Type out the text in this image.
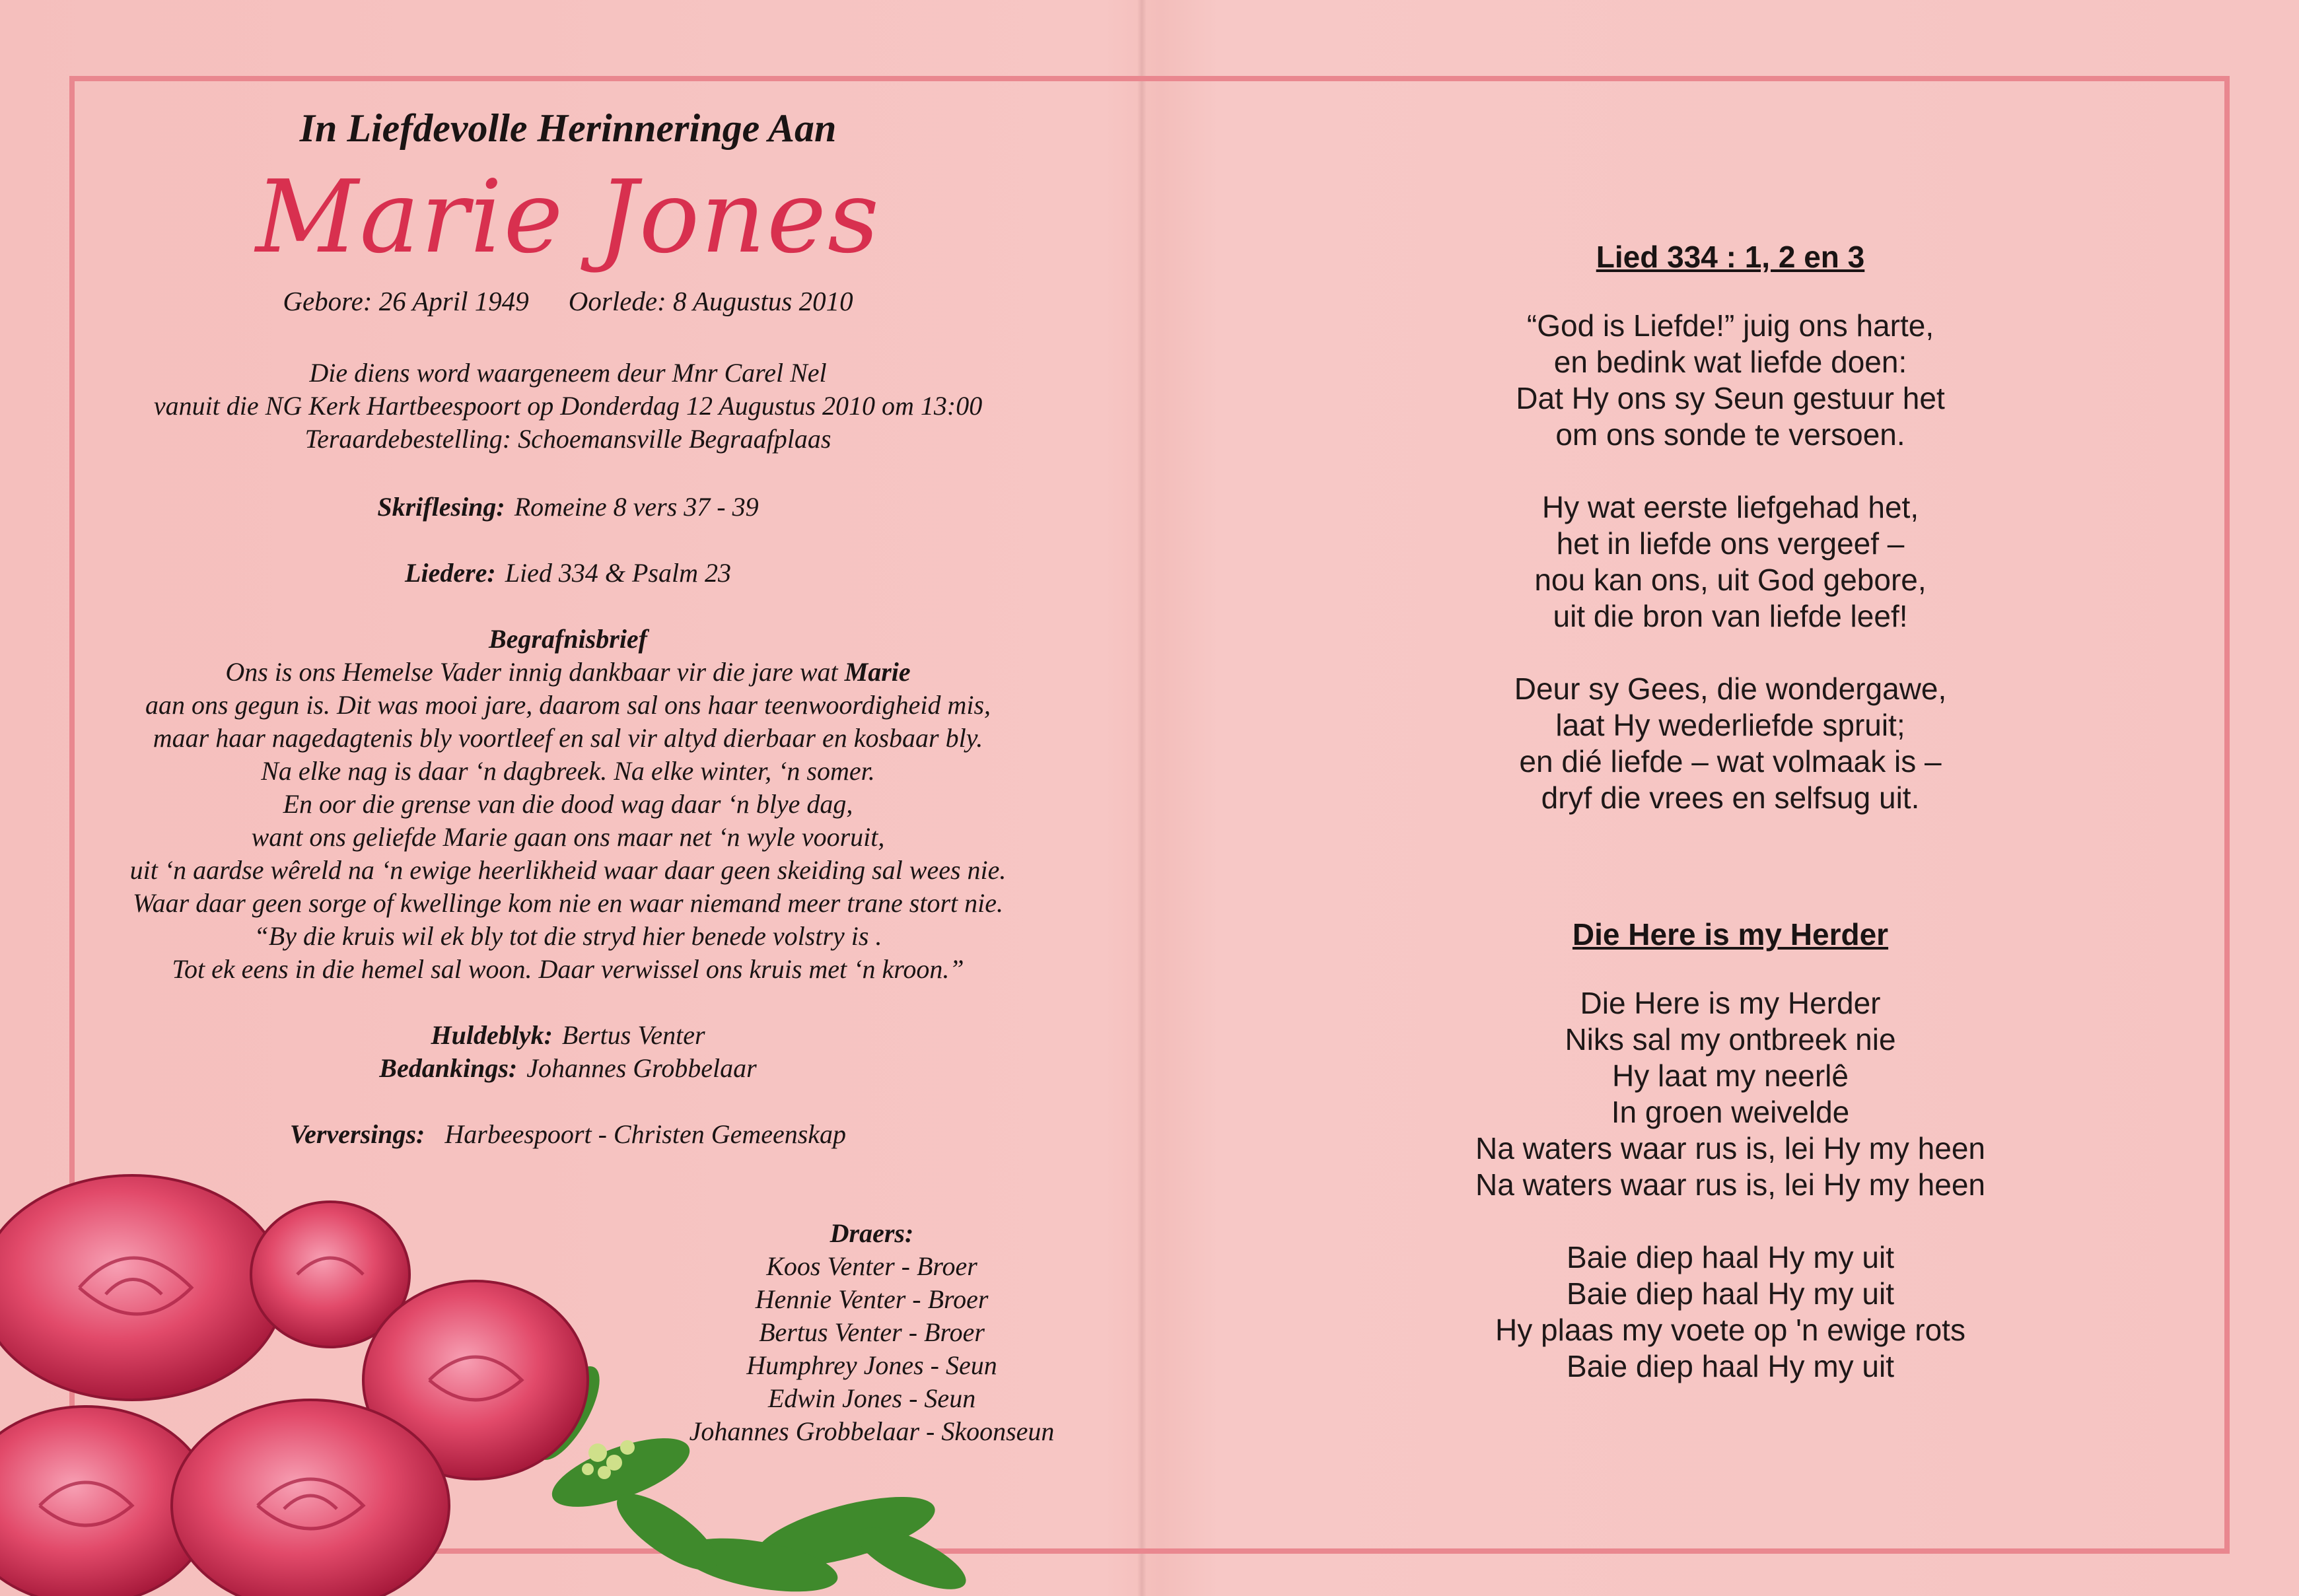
In Liefdevolle Herinneringe Aan
Marie Jones
Gebore: 26 April 1949 Oorlede: 8 Augustus 2010
Die diens word waargeneem deur Mnr Carel Nel
vanuit die NG Kerk Hartbeespoort op Donderdag 12 Augustus 2010 om 13:00
Teraardebestelling: Schoemansville Begraafplaas
Skriflesing: Romeine 8 vers 37 - 39
Liedere: Lied 334 & Psalm 23
Begrafnisbrief
Ons is ons Hemelse Vader innig dankbaar vir die jare wat Marie
aan ons gegun is. Dit was mooi jare, daarom sal ons haar teenwoordigheid mis,
maar haar nagedagtenis bly voortleef en sal vir altyd dierbaar en kosbaar bly.
Na elke nag is daar ‘n dagbreek. Na elke winter, ‘n somer.
En oor die grense van die dood wag daar ‘n blye dag,
want ons geliefde Marie gaan ons maar net ‘n wyle vooruit,
uit ‘n aardse wêreld na ‘n ewige heerlikheid waar daar geen skeiding sal wees nie.
Waar daar geen sorge of kwellinge kom nie en waar niemand meer trane stort nie.
“By die kruis wil ek bly tot die stryd hier benede volstry is .
Tot ek eens in die hemel sal woon. Daar verwissel ons kruis met ‘n kroon.”
Huldeblyk: Bertus Venter
Bedankings: Johannes Grobbelaar
Verversings: Harbeespoort - Christen Gemeenskap
Draers:
Koos Venter - Broer
Hennie Venter - Broer
Bertus Venter - Broer
Humphrey Jones - Seun
Edwin Jones - Seun
Johannes Grobbelaar - Skoonseun
Lied 334 : 1, 2 en 3
“God is Liefde!” juig ons harte,
en bedink wat liefde doen:
Dat Hy ons sy Seun gestuur het
om ons sonde te versoen.
Hy wat eerste liefgehad het,
het in liefde ons vergeef –
nou kan ons, uit God gebore,
uit die bron van liefde leef!
Deur sy Gees, die wondergawe,
laat Hy wederliefde spruit;
en dié liefde – wat volmaak is –
dryf die vrees en selfsug uit.
Die Here is my Herder
Die Here is my Herder
Niks sal my ontbreek nie
Hy laat my neerlê
In groen weivelde
Na waters waar rus is, lei Hy my heen
Na waters waar rus is, lei Hy my heen
Baie diep haal Hy my uit
Baie diep haal Hy my uit
Hy plaas my voete op 'n ewige rots
Baie diep haal Hy my uit
